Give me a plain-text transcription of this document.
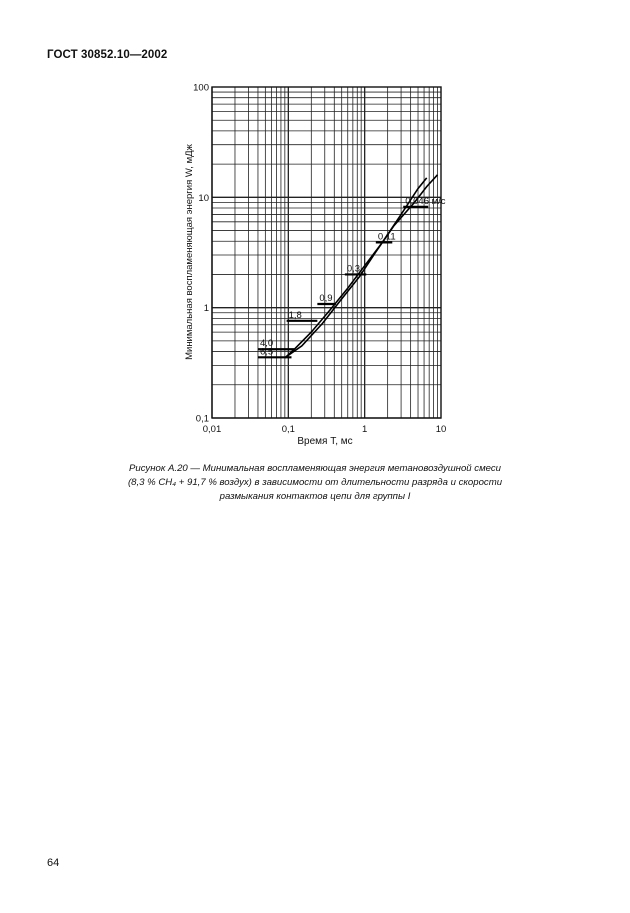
ГОСТ 30852.10—2002
0,046 м/с
0,11
0,3
0,9
1,8
4,0
6,5
0,01	0,1	1	10
0,1
1
10
100
Время T, мс
Минимальная воспламеняющая энергия W, мДж
Рисунок А.20 — Минимальная воспламеняющая энергия метановоздушной смеси
(8,3 % CH₄ + 91,7 % воздух) в зависимости от длительности разряда и скорости
размыкания контактов цепи для группы I
64
